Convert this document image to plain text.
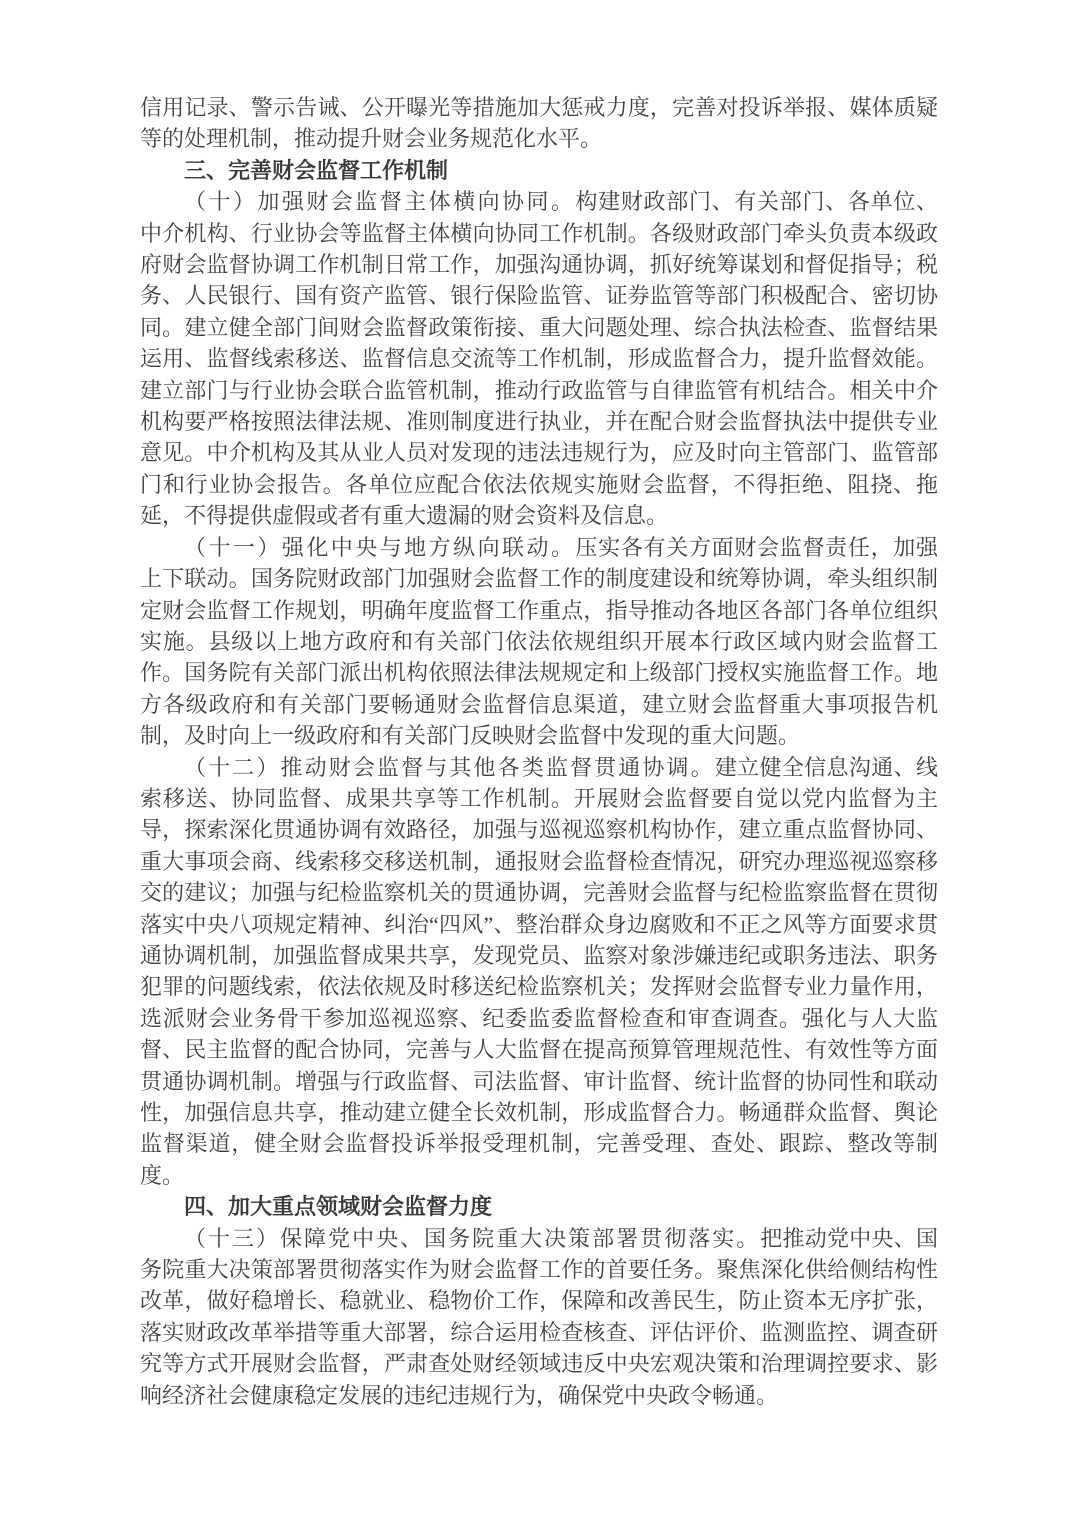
信用记录、警示告诫、公开曝光等措施加大惩戒力度，完善对投诉举报、媒体质疑等的处理机制，推动提升财会业务规范化水平。

三、完善财会监督工作机制

（十）加强财会监督主体横向协同。构建财政部门、有关部门、各单位、中介机构、行业协会等监督主体横向协同工作机制。各级财政部门牵头负责本级政府财会监督协调工作机制日常工作，加强沟通协调，抓好统筹谋划和督促指导；税务、人民银行、国有资产监管、银行保险监管、证券监管等部门积极配合、密切协同。建立健全部门间财会监督政策衔接、重大问题处理、综合执法检查、监督结果运用、监督线索移送、监督信息交流等工作机制，形成监督合力，提升监督效能。建立部门与行业协会联合监管机制，推动行政监管与自律监管有机结合。相关中介机构要严格按照法律法规、准则制度进行执业，并在配合财会监督执法中提供专业意见。中介机构及其从业人员对发现的违法违规行为，应及时向主管部门、监管部门和行业协会报告。各单位应配合依法依规实施财会监督，不得拒绝、阻挠、拖延，不得提供虚假或者有重大遗漏的财会资料及信息。

（十一）强化中央与地方纵向联动。压实各有关方面财会监督责任，加强上下联动。国务院财政部门加强财会监督工作的制度建设和统筹协调，牵头组织制定财会监督工作规划，明确年度监督工作重点，指导推动各地区各部门各单位组织实施。县级以上地方政府和有关部门依法依规组织开展本行政区域内财会监督工作。国务院有关部门派出机构依照法律法规规定和上级部门授权实施监督工作。地方各级政府和有关部门要畅通财会监督信息渠道，建立财会监督重大事项报告机制，及时向上一级政府和有关部门反映财会监督中发现的重大问题。

（十二）推动财会监督与其他各类监督贯通协调。建立健全信息沟通、线索移送、协同监督、成果共享等工作机制。开展财会监督要自觉以党内监督为主导，探索深化贯通协调有效路径，加强与巡视巡察机构协作，建立重点监督协同、重大事项会商、线索移交移送机制，通报财会监督检查情况，研究办理巡视巡察移交的建议；加强与纪检监察机关的贯通协调，完善财会监督与纪检监察监督在贯彻落实中央八项规定精神、纠治“四风”、整治群众身边腐败和不正之风等方面要求贯通协调机制，加强监督成果共享，发现党员、监察对象涉嫌违纪或职务违法、职务犯罪的问题线索，依法依规及时移送纪检监察机关；发挥财会监督专业力量作用，选派财会业务骨干参加巡视巡察、纪委监委监督检查和审查调查。强化与人大监督、民主监督的配合协同，完善与人大监督在提高预算管理规范性、有效性等方面贯通协调机制。增强与行政监督、司法监督、审计监督、统计监督的协同性和联动性，加强信息共享，推动建立健全长效机制，形成监督合力。畅通群众监督、舆论监督渠道，健全财会监督投诉举报受理机制，完善受理、查处、跟踪、整改等制度。

四、加大重点领域财会监督力度

（十三）保障党中央、国务院重大决策部署贯彻落实。把推动党中央、国务院重大决策部署贯彻落实作为财会监督工作的首要任务。聚焦深化供给侧结构性改革，做好稳增长、稳就业、稳物价工作，保障和改善民生，防止资本无序扩张，落实财政改革举措等重大部署，综合运用检查核查、评估评价、监测监控、调查研究等方式开展财会监督，严肃查处财经领域违反中央宏观决策和治理调控要求、影响经济社会健康稳定发展的违纪违规行为，确保党中央政令畅通。
